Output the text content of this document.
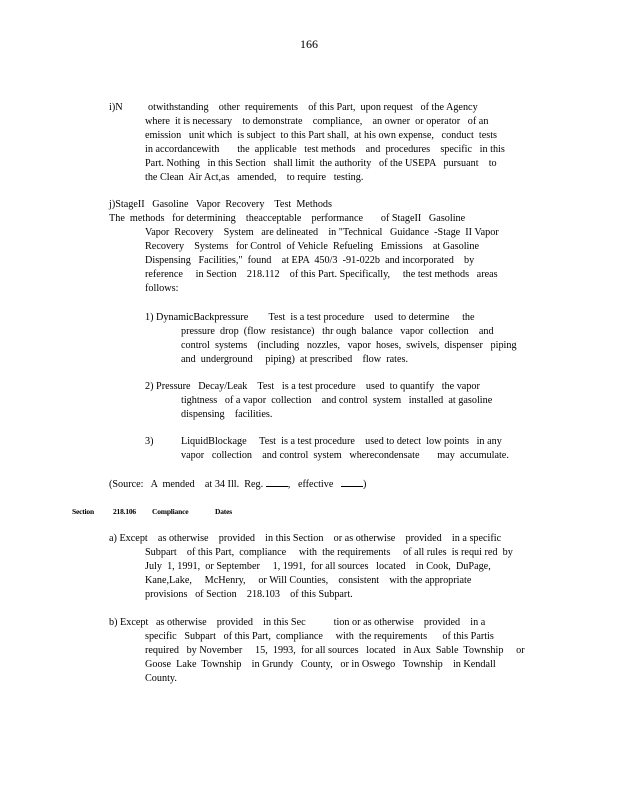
166
i)N          otwithstanding    other  requirements    of this Part,  upon request   of the Agency
where  it is necessary    to demonstrate    compliance,    an owner  or operator   of an
emission   unit which  is subject  to this Part shall,  at his own expense,   conduct  tests
in accordancewith       the  applicable   test methods    and  procedures    specific   in this
Part. Nothing   in this Section   shall limit  the authority   of the USEPA   pursuant    to
the Clean  Air Act,as   amended,    to require   testing.
j)StageII   Gasoline   Vapor  Recovery    Test  Methods
The  methods   for determining    theacceptable    performance       of StageII   Gasoline
Vapor  Recovery    System   are delineated    in "Technical   Guidance  -Stage  II Vapor
Recovery    Systems   for Control  of Vehicle  Refueling   Emissions    at Gasoline
Dispensing   Facilities,"  found    at EPA  450/3  -91-022b  and incorporated    by
reference     in Section    218.112    of this Part. Specifically,     the test methods   areas
follows:
1) DynamicBackpressure        Test  is a test procedure    used  to determine     the
pressure  drop  (flow  resistance)   thr ough  balance   vapor  collection    and
control  systems    (including   nozzles,   vapor  hoses,  swivels,  dispenser   piping
and  underground     piping)  at prescribed    flow  rates.
2) Pressure   Decay/Leak    Test   is a test procedure    used  to quantify   the vapor
tightness   of a vapor  collection    and control  system   installed  at gasoline
dispensing    facilities.
3)	LiquidBlockage     Test  is a test procedure    used to detect  low points   in any
vapor   collection    and control  system   wherecondensate       may  accumulate.
(Source:   A  mended    at 34 Ill.  Reg. ,   effective	)
Section	218.106 Compliance	Dates
a) Except    as otherwise    provided    in this Section    or as otherwise    provided    in a specific
Subpart    of this Part,  compliance     with  the requirements     of all rules  is requi red  by
July  1, 1991,  or September     1, 1991,  for all sources   located    in Cook,  DuPage,
Kane,Lake,     McHenry,     or Will Counties,    consistent    with the appropriate
provisions   of Section    218.103    of this Subpart.
b) Except   as otherwise    provided    in this Sec           tion or as otherwise    provided    in a
specific   Subpart   of this Part,  compliance     with  the requirements      of this Partis
required   by November     15,  1993,  for all sources   located   in Aux  Sable  Township     or
Goose  Lake  Township    in Grundy   County,   or in Oswego   Township    in Kendall
County.
